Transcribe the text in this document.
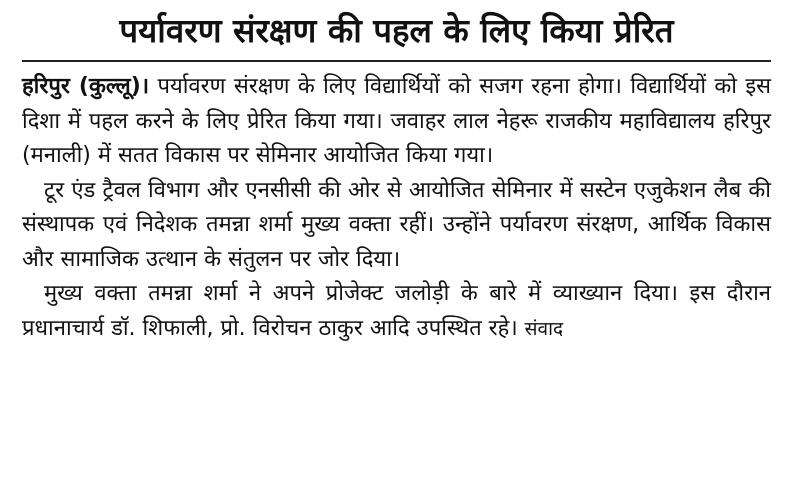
पर्यावरण संरक्षण की पहल के लिए किया प्रेरित

हरिपुर (कुल्लू)। पर्यावरण संरक्षण के लिए विद्यार्थियों को सजग रहना होगा। विद्यार्थियों को इस दिशा में पहल करने के लिए प्रेरित किया गया। जवाहर लाल नेहरू राजकीय महाविद्यालय हरिपुर (मनाली) में सतत विकास पर सेमिनार आयोजित किया गया।

टूर एंड ट्रैवल विभाग और एनसीसी की ओर से आयोजित सेमिनार में सस्टेन एजुकेशन लैब की संस्थापक एवं निदेशक तमन्ना शर्मा मुख्य वक्ता रहीं। उन्होंने पर्यावरण संरक्षण, आर्थिक विकास और सामाजिक उत्थान के संतुलन पर जोर दिया।

मुख्य वक्ता तमन्ना शर्मा ने अपने प्रोजेक्ट जलोड़ी के बारे में व्याख्यान दिया। इस दौरान प्रधानाचार्य डॉ. शिफाली, प्रो. विरोचन ठाकुर आदि उपस्थित रहे। संवाद
